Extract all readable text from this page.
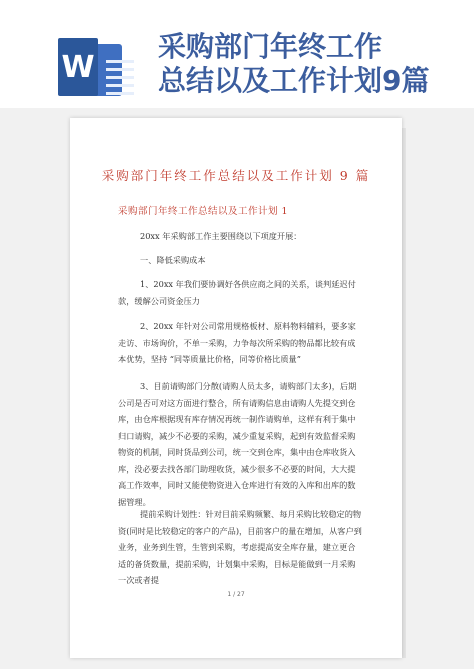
W
采购部门年终工作
总结以及工作计划9篇
采购部门年终工作总结以及工作计划 9 篇
采购部门年终工作总结以及工作计划 1
20xx 年采购部工作主要围绕以下项度开展：
一、降低采购成本
1、20xx 年我们要协调好各供应商之间的关系，谈判延迟付款，缓解公司资金压力
2、20xx 年针对公司常用规格板材、原料物料辅料，要多家走访、市场询价，不单一采购，力争每次所采购的物品都比较有成本优势，坚持 “同等质量比价格，同等价格比质量”
3、目前请购部门分散(请购人员太多，请购部门太多)，后期公司是否可对这方面进行整合，所有请购信息由请购人先提交到仓库，由仓库根据现有库存情况再统一制作请购单，这样有利于集中归口请购，减少不必要的采购，减少重复采购，起到有效监督采购物资的机制，同时货品到公司，统一交到仓库，集中由仓库收货入库，没必要去找各部门助理收货，减少很多不必要的时间，大大提高工作效率，同时又能使物资进入仓库进行有效的入库和出库的数据管理。
提前采购计划性：针对目前采购频繁、每月采购比较稳定的物资(同时是比较稳定的客户的产品)，目前客户的量在增加，从客户到业务，业务到生管，生管到采购，考虑提高安全库存量，建立更合适的备货数量，提前采购，计划集中采购，目标是能做到一月采购一次或者提
1 / 27
